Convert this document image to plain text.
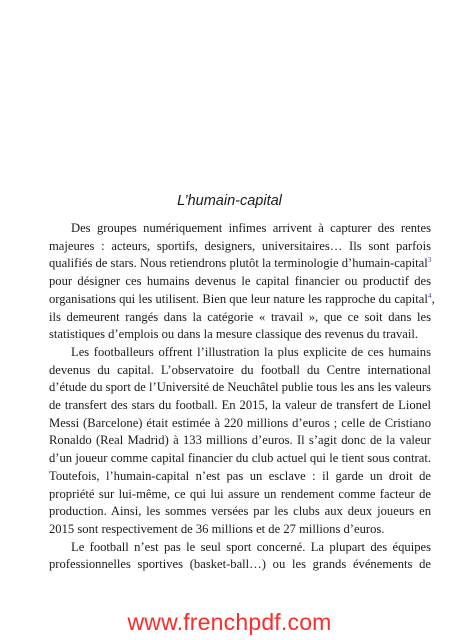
L’humain-capital
Des groupes numériquement infimes arrivent à capturer des rentes
majeures : acteurs, sportifs, designers, universitaires… Ils sont parfois
qualifiés de stars. Nous retiendrons plutôt la terminologie d’humain-capital$^3$
pour désigner ces humains devenus le capital financier ou productif des
organisations qui les utilisent. Bien que leur nature les rapproche du capital$^4$,
ils demeurent rangés dans la catégorie « travail », que ce soit dans les
statistiques d’emplois ou dans la mesure classique des revenus du travail.
Les footballeurs offrent l’illustration la plus explicite de ces humains
devenus du capital. L’observatoire du football du Centre international
d’étude du sport de l’Université de Neuchâtel publie tous les ans les valeurs
de transfert des stars du football. En 2015, la valeur de transfert de Lionel
Messi (Barcelone) était estimée à 220 millions d’euros ; celle de Cristiano
Ronaldo (Real Madrid) à 133 millions d’euros. Il s’agit donc de la valeur
d’un joueur comme capital financier du club actuel qui le tient sous contrat.
Toutefois, l’humain-capital n’est pas un esclave : il garde un droit de
propriété sur lui-même, ce qui lui assure un rendement comme facteur de
production. Ainsi, les sommes versées par les clubs aux deux joueurs en
2015 sont respectivement de 36 millions et de 27 millions d’euros.
Le football n’est pas le seul sport concerné. La plupart des équipes
professionnelles sportives (basket-ball…) ou les grands événements de
www.frenchpdf.com
